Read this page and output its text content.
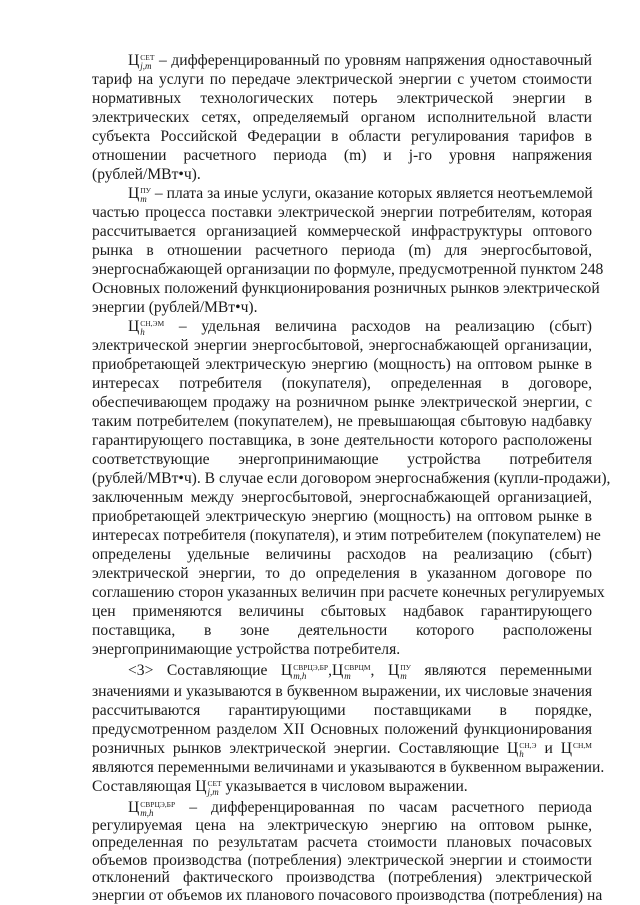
Ц СЕТ
j,m – дифференцированный по уровням напряжения одноставочный
тариф на услуги по передаче электрической энергии с учетом стоимости
нормативных технологических потерь электрической энергии в
электрических сетях, определяемый органом исполнительной власти
субъекта Российской Федерации в области регулирования тарифов в
отношении расчетного периода (m) и j-го уровня напряжения
(рублей/МВт•ч).
Ц ПУ
m – плата за иные услуги, оказание которых является неотъемлемой
частью процесса поставки электрической энергии потребителям, которая
рассчитывается организацией коммерческой инфраструктуры оптового
рынка в отношении расчетного периода (m) для энергосбытовой,
энергоснабжающей организации по формуле, предусмотренной пунктом 248
Основных положений функционирования розничных рынков электрической
энергии (рублей/МВт•ч).
Ц СН,ЭМ
h	– удельная величина расходов на реализацию (сбыт)
электрической энергии энергосбытовой, энергоснабжающей организации,
приобретающей электрическую энергию (мощность) на оптовом рынке в
интересах потребителя (покупателя), определенная в договоре,
обеспечивающем продажу на розничном рынке электрической энергии, с
таким потребителем (покупателем), не превышающая сбытовую надбавку
гарантирующего поставщика, в зоне деятельности которого расположены
соответствующие энергопринимающие устройства потребителя
(рублей/МВт•ч). В случае если договором энергоснабжения (купли-продажи),
заключенным между энергосбытовой, энергоснабжающей организацией,
приобретающей электрическую энергию (мощность) на оптовом рынке в
интересах потребителя (покупателя), и этим потребителем (покупателем) не
определены удельные величины расходов на реализацию (сбыт)
электрической энергии, то до определения в указанном договоре по
соглашению сторон указанных величин при расчете конечных регулируемых
цен применяются величины сбытовых надбавок гарантирующего
поставщика, в зоне деятельности которого расположены
энергопринимающие устройства потребителя.
<3> Составляющие Ц СВРЦЭ,БР
m,h	,Ц СВРЦМ
m	, Ц ПУ
m являются переменными
значениями и указываются в буквенном выражении, их числовые значения
рассчитываются гарантирующими поставщиками в порядке,
предусмотренном разделом XII Основных положений функционирования
розничных рынков электрической энергии. Составляющие Ц СН,Э
h	и Ц СН,М

являются переменными величинами и указываются в буквенном выражении.
Составляющая Ц СЕТ
j,m указывается в числовом выражении.
Ц СВРЦЭ,БР
m,h	– дифференцированная по часам расчетного периода
регулируемая цена на электрическую энергию на оптовом рынке,
определенная по результатам расчета стоимости плановых почасовых
объемов производства (потребления) электрической энергии и стоимости
отклонений фактического производства (потребления) электрической
энергии от объемов их планового почасового производства (потребления) на
